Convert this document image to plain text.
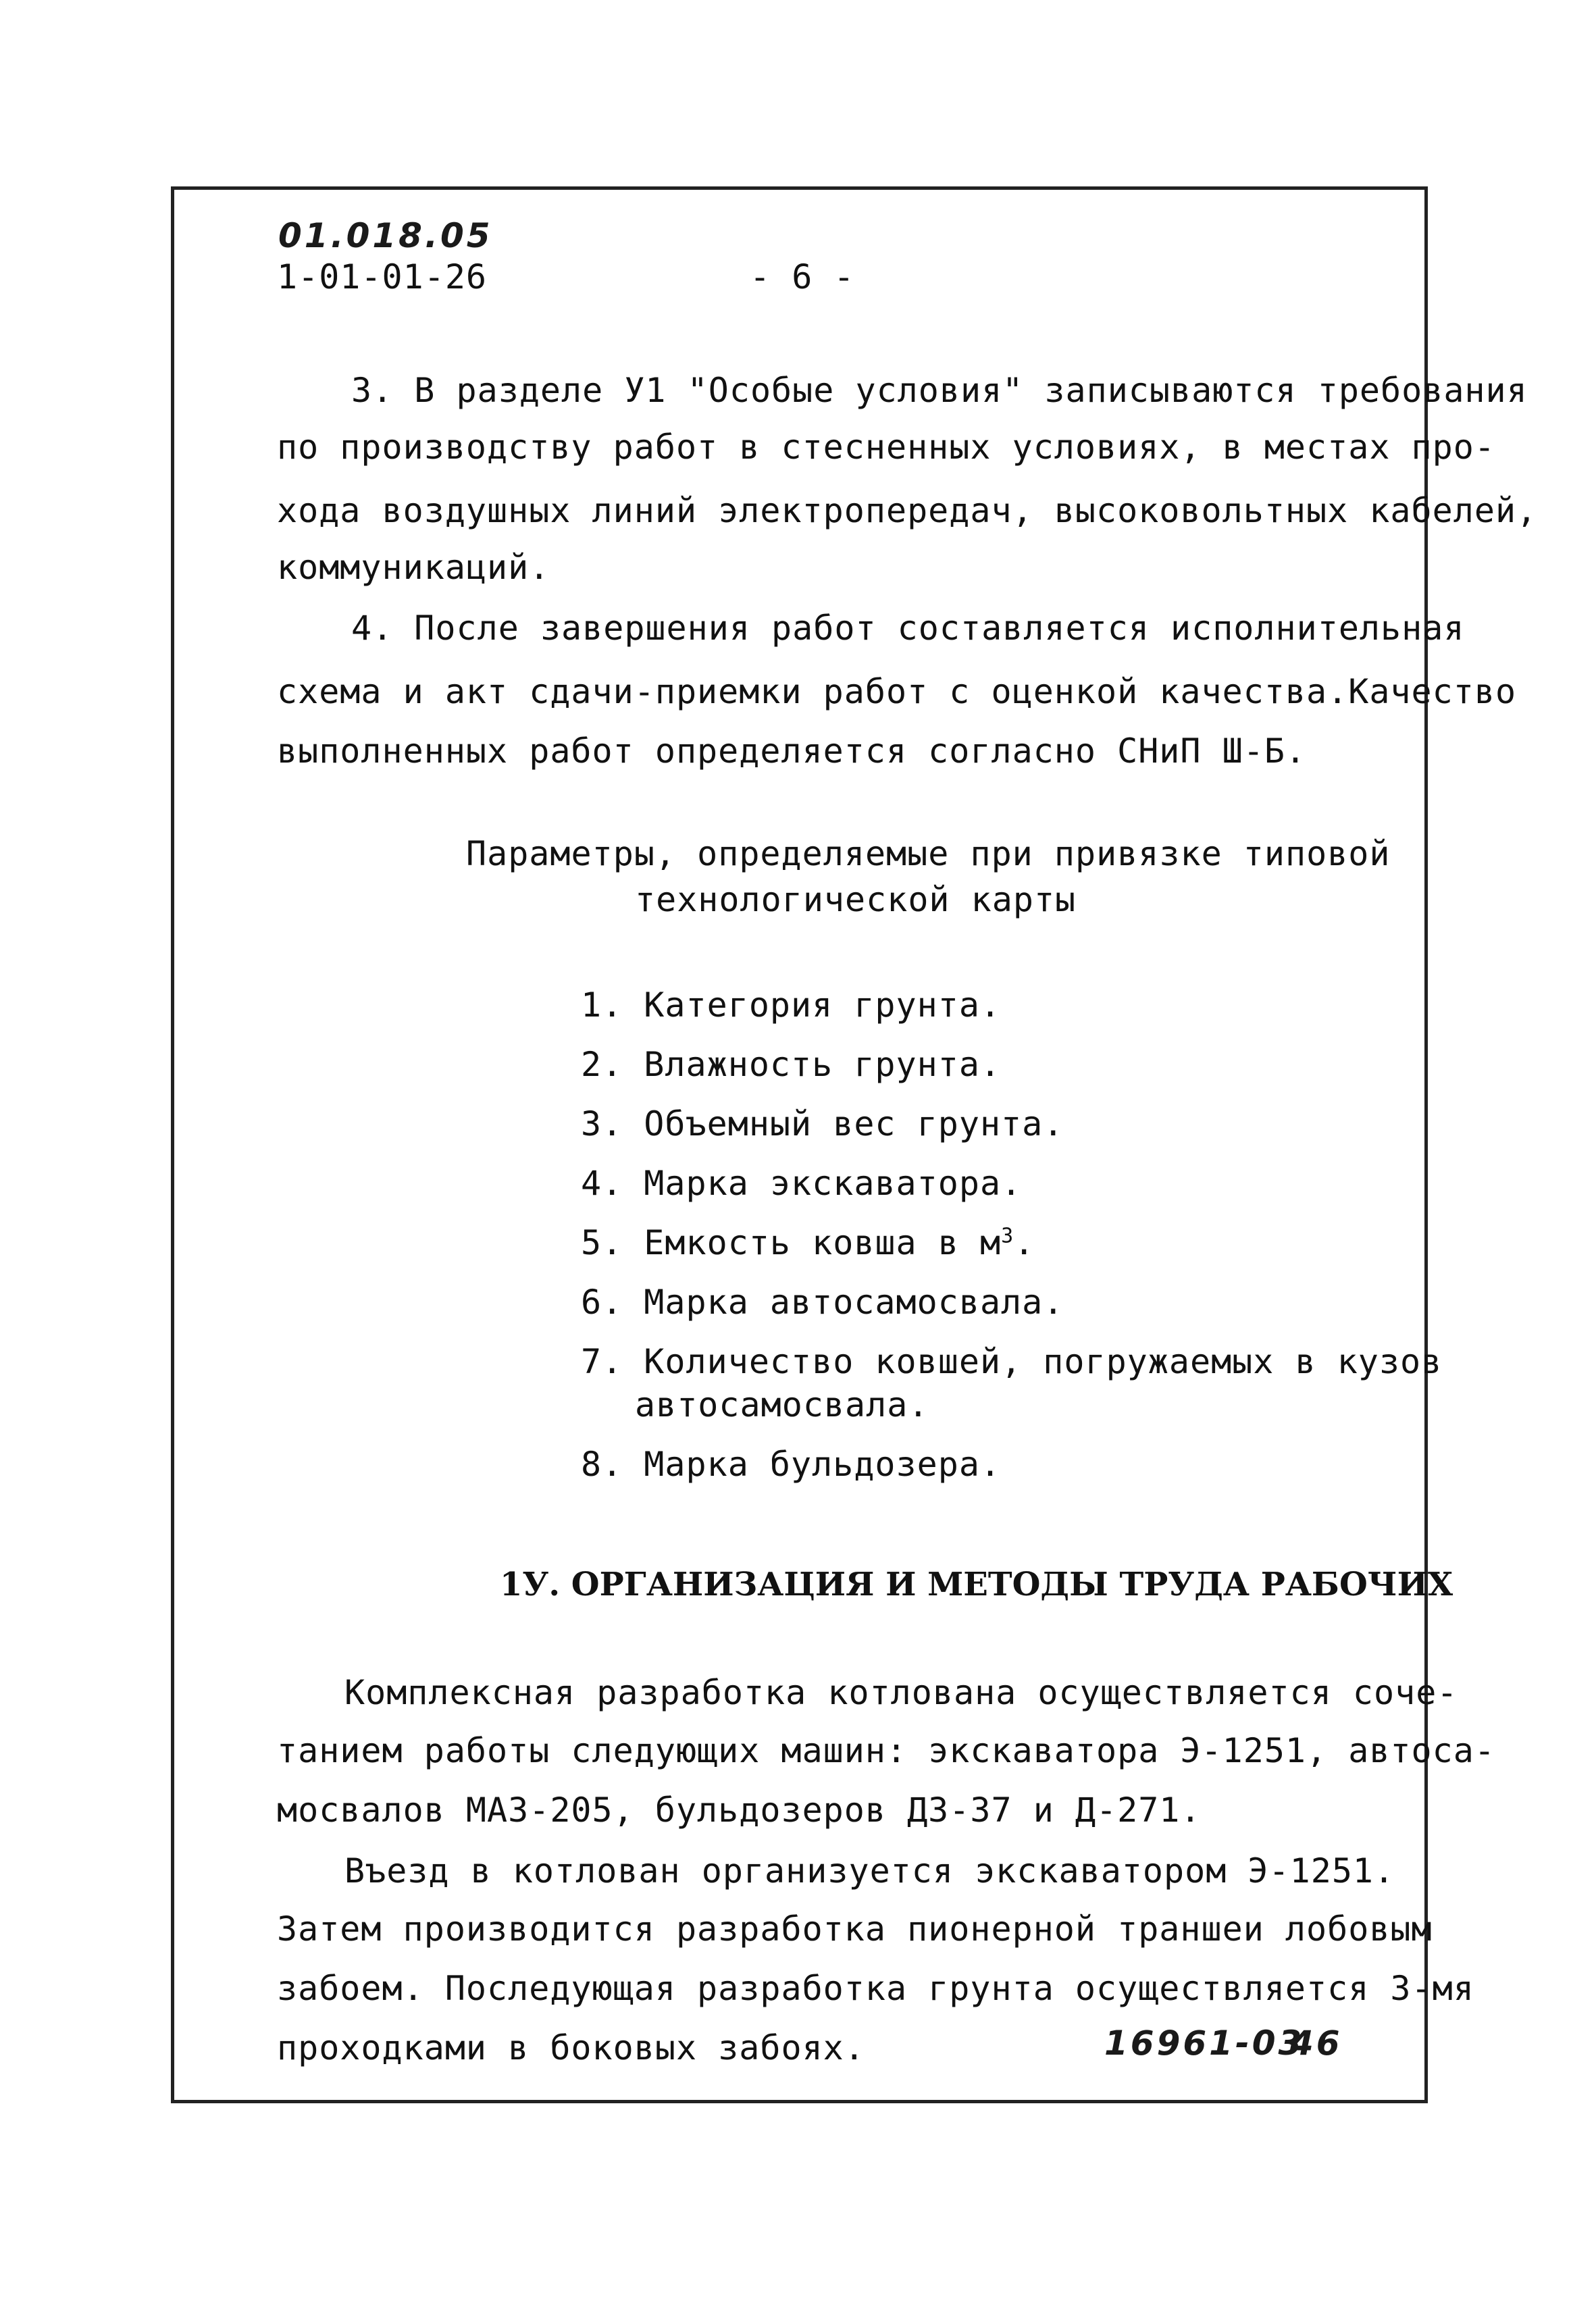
01.018.05
1-01-01-26	- 6 -
3. В разделе У1 "Особые условия" записываются требования
по производству работ в стесненных условиях, в местах про-
хода воздушных линий электропередач, высоковольтных кабелей,
коммуникаций.
4. После завершения работ составляется исполнительная
схема и акт сдачи-приемки работ с оценкой качества.Качество
выполненных работ определяется согласно СНиП Ш-Б.
Параметры, определяемые при привязке типовой
технологической карты
1. Категория грунта.
2. Влажность грунта.
3. Объемный вес грунта.
4. Марка экскаватора.
5. Емкость ковша в $м^3$.
6. Марка автосамосвала.
7. Количество ковшей, погружаемых в кузов
автосамосвала.
8. Марка бульдозера.
1У. ОРГАНИЗАЦИЯ И МЕТОДЫ ТРУДА РАБОЧИХ
Комплексная разработка котлована осуществляется соче-
танием работы следующих машин: экскаватора Э-1251, автоса-
мосвалов МАЗ-205, бульдозеров ДЗ-37 и Д-271.
Въезд в котлован организуется экскаватором Э-1251.
Затем производится разработка пионерной траншеи лобовым
забоем. Последующая разработка грунта осуществляется 3-мя
проходками в боковых забоях.	16961-03
46
